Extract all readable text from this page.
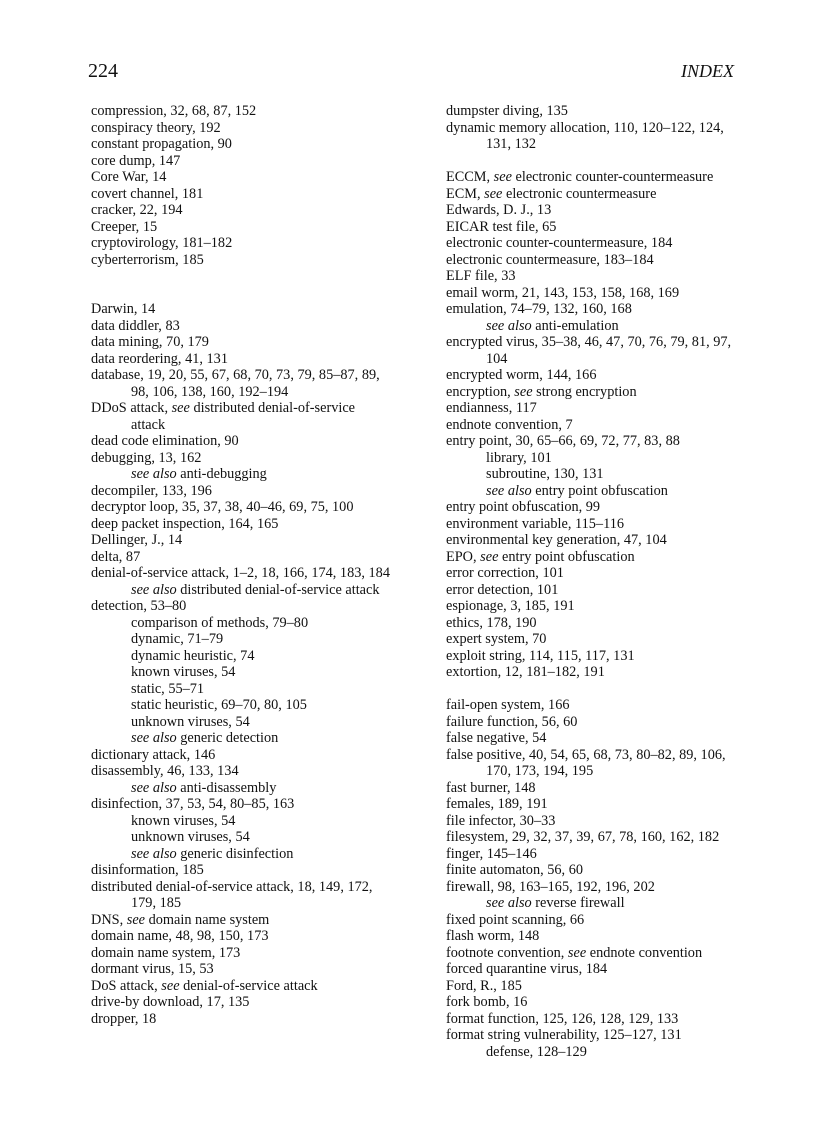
224	INDEX
compression, 32, 68, 87, 152
conspiracy theory, 192
constant propagation, 90
core dump, 147
Core War, 14
covert channel, 181
cracker, 22, 194
Creeper, 15
cryptovirology, 181–182
cyberterrorism, 185
Darwin, 14
data diddler, 83
data mining, 70, 179
data reordering, 41, 131
database, 19, 20, 55, 67, 68, 70, 73, 79, 85–87, 89, 98, 106, 138, 160, 192–194
DDoS attack, see distributed denial-of-service attack
dead code elimination, 90
debugging, 13, 162
see also anti-debugging
decompiler, 133, 196
decryptor loop, 35, 37, 38, 40–46, 69, 75, 100
deep packet inspection, 164, 165
Dellinger, J., 14
delta, 87
denial-of-service attack, 1–2, 18, 166, 174, 183, 184
see also distributed denial-of-service attack
detection, 53–80
comparison of methods, 79–80
dynamic, 71–79
dynamic heuristic, 74
known viruses, 54
static, 55–71
static heuristic, 69–70, 80, 105
unknown viruses, 54
see also generic detection
dictionary attack, 146
disassembly, 46, 133, 134
see also anti-disassembly
disinfection, 37, 53, 54, 80–85, 163
known viruses, 54
unknown viruses, 54
see also generic disinfection
disinformation, 185
distributed denial-of-service attack, 18, 149, 172, 179, 185
DNS, see domain name system
domain name, 48, 98, 150, 173
domain name system, 173
dormant virus, 15, 53
DoS attack, see denial-of-service attack
drive-by download, 17, 135
dropper, 18
dumpster diving, 135
dynamic memory allocation, 110, 120–122, 124, 131, 132
ECCM, see electronic counter-countermeasure
ECM, see electronic countermeasure
Edwards, D. J., 13
EICAR test file, 65
electronic counter-countermeasure, 184
electronic countermeasure, 183–184
ELF file, 33
email worm, 21, 143, 153, 158, 168, 169
emulation, 74–79, 132, 160, 168
see also anti-emulation
encrypted virus, 35–38, 46, 47, 70, 76, 79, 81, 97, 104
encrypted worm, 144, 166
encryption, see strong encryption
endianness, 117
endnote convention, 7
entry point, 30, 65–66, 69, 72, 77, 83, 88
library, 101
subroutine, 130, 131
see also entry point obfuscation
entry point obfuscation, 99
environment variable, 115–116
environmental key generation, 47, 104
EPO, see entry point obfuscation
error correction, 101
error detection, 101
espionage, 3, 185, 191
ethics, 178, 190
expert system, 70
exploit string, 114, 115, 117, 131
extortion, 12, 181–182, 191
fail-open system, 166
failure function, 56, 60
false negative, 54
false positive, 40, 54, 65, 68, 73, 80–82, 89, 106, 170, 173, 194, 195
fast burner, 148
females, 189, 191
file infector, 30–33
filesystem, 29, 32, 37, 39, 67, 78, 160, 162, 182
finger, 145–146
finite automaton, 56, 60
firewall, 98, 163–165, 192, 196, 202
see also reverse firewall
fixed point scanning, 66
flash worm, 148
footnote convention, see endnote convention
forced quarantine virus, 184
Ford, R., 185
fork bomb, 16
format function, 125, 126, 128, 129, 133
format string vulnerability, 125–127, 131
defense, 128–129
